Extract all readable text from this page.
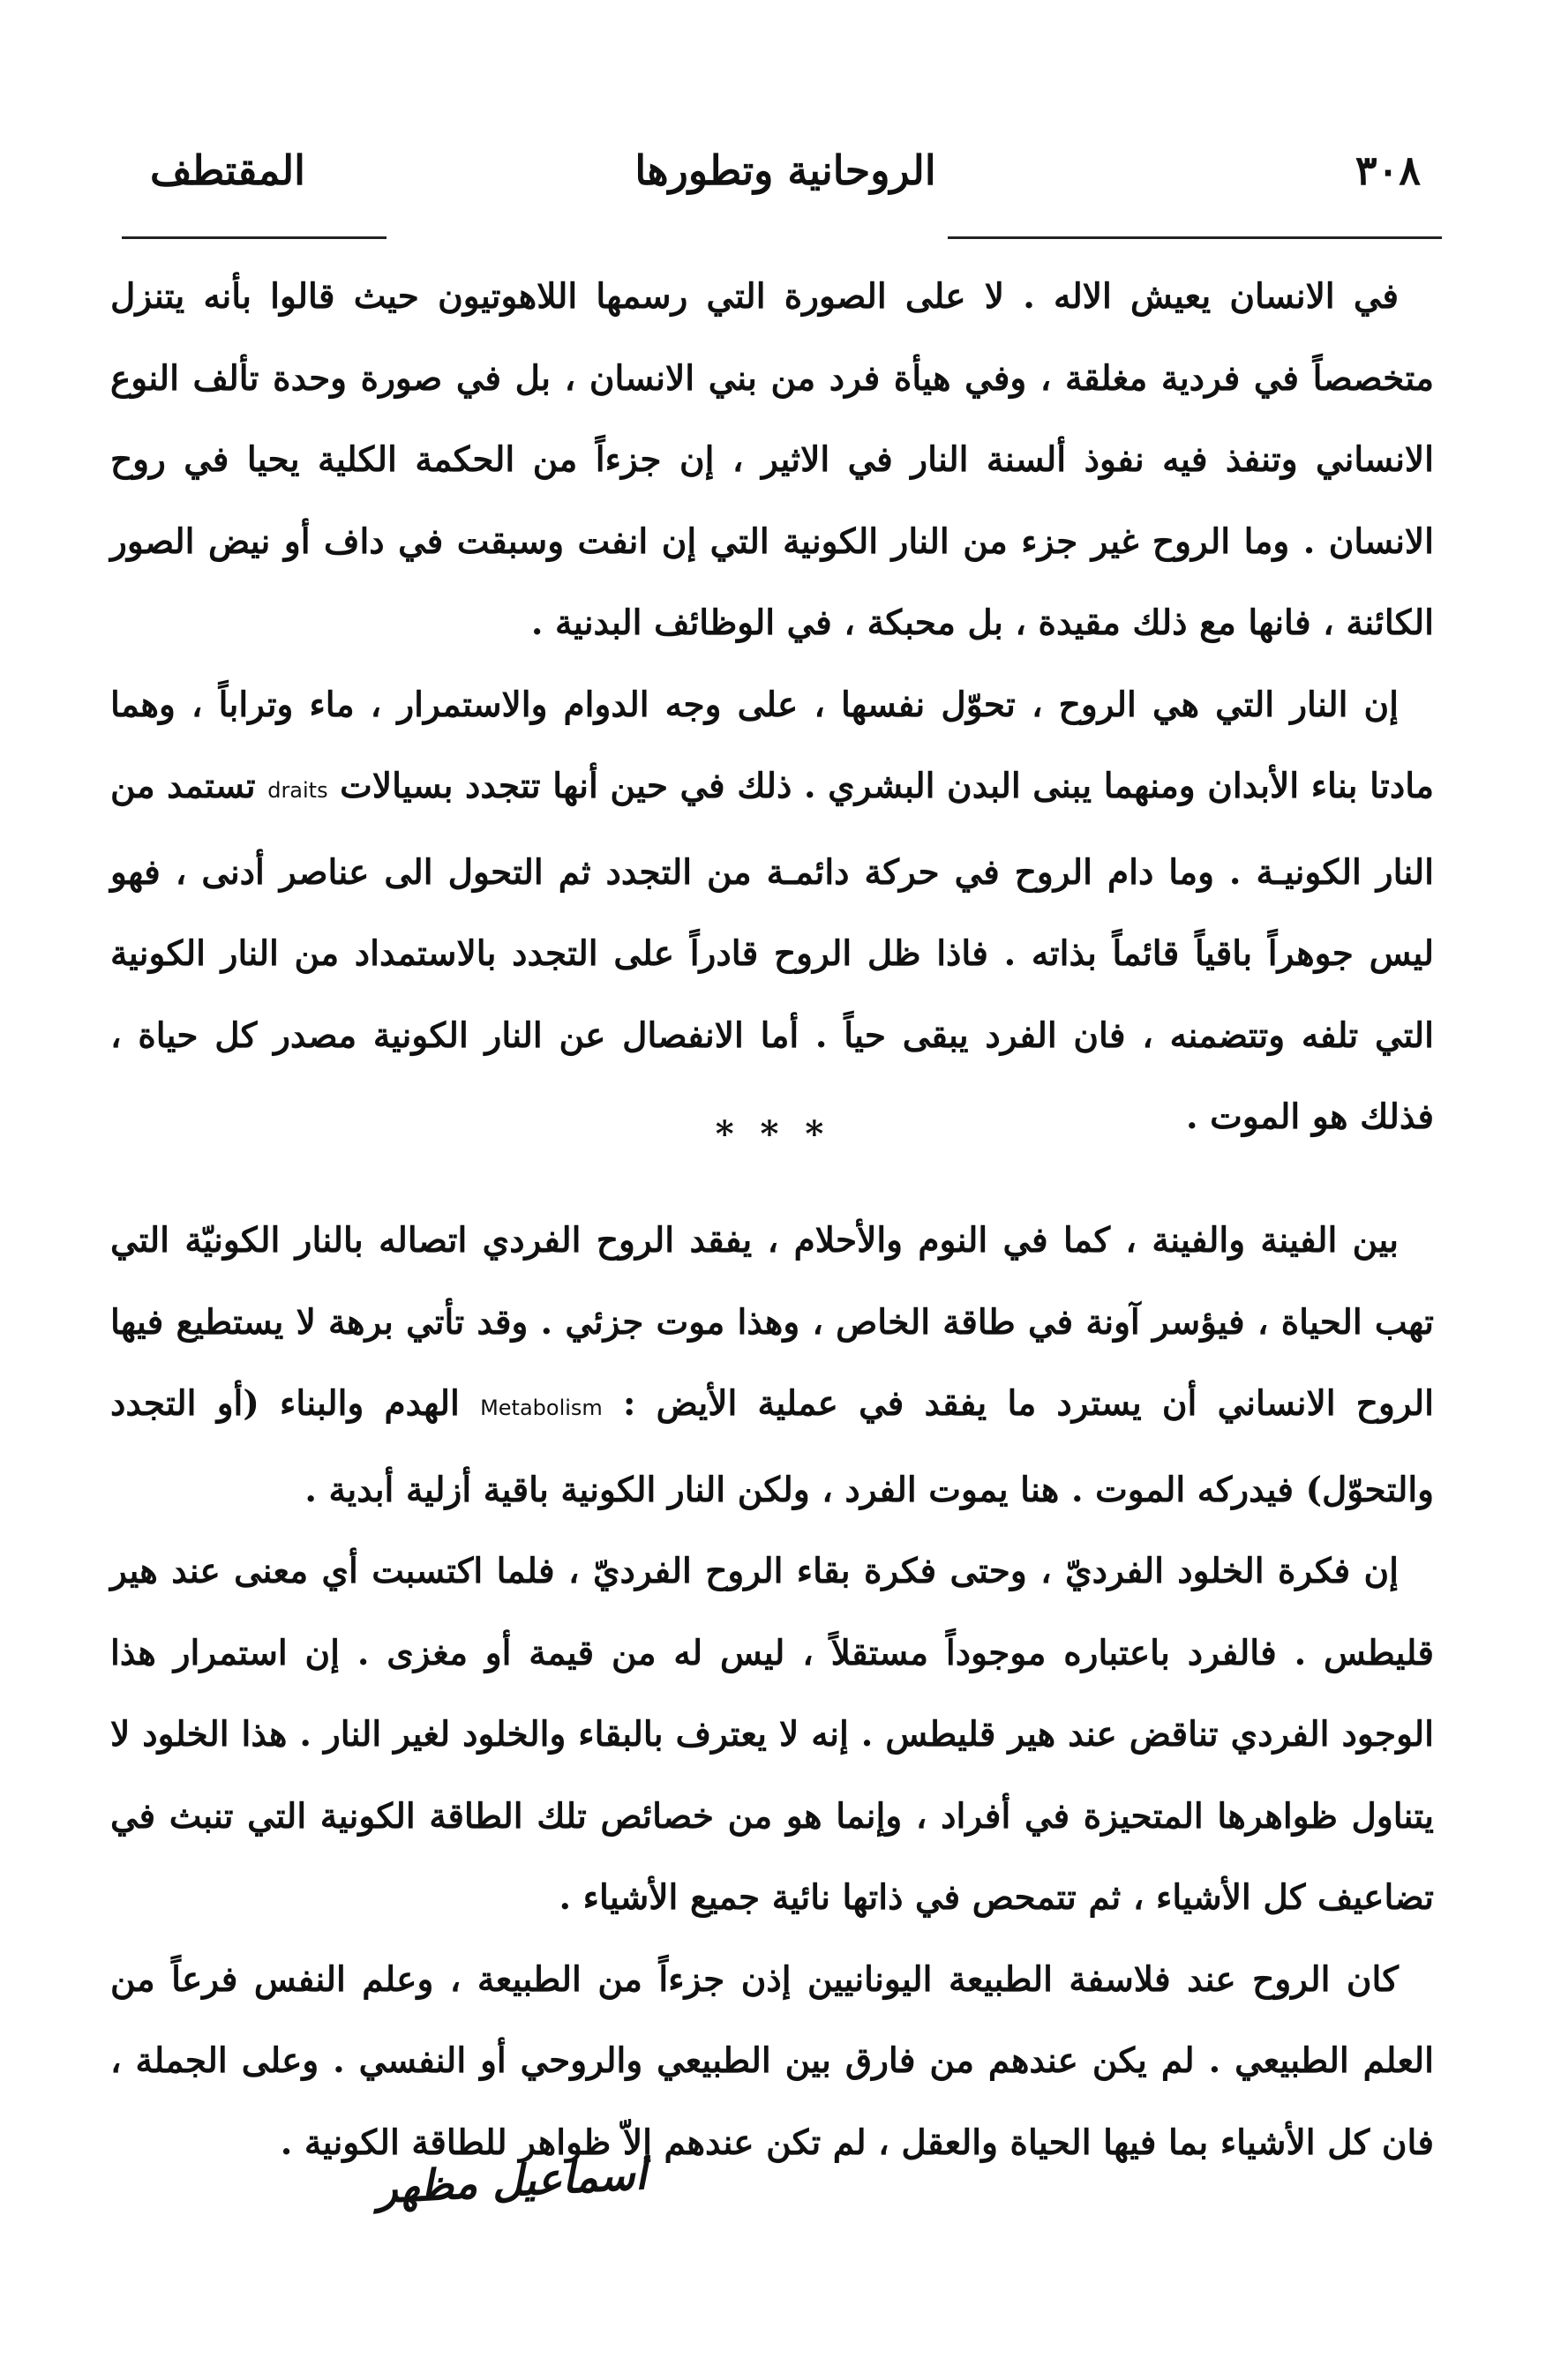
٣٠٨
الروحانية وتطورها
المقتطف

في الانسان يعيش الاله . لا على الصورة التي رسمها اللاهوتيون حيث قالوا بأنه يتنزل متخصصاً في فردية مغلقة ، وفي هيأة فرد من بني الانسان ، بل في صورة وحدة تألف النوع الانساني وتنفذ فيه نفوذ ألسنة النار في الاثير ، إن جزءاً من الحكمة الكلية يحيا في روح الانسان . وما الروح غير جزء من النار الكونية التي إن انفت وسبقت في داف أو نيض الصور الكائنة ، فانها مع ذلك مقيدة ، بل محبكة ، في الوظائف البدنية .

إن النار التي هي الروح ، تحوّل نفسها ، على وجه الدوام والاستمرار ، ماء وتراباً ، وهما مادتا بناء الأبدان ومنهما يبنى البدن البشري . ذلك في حين أنها تتجدد بسيالات draits تستمد من النار الكونيـة . وما دام الروح في حركة دائمـة من التجدد ثم التحول الى عناصر أدنى ، فهو ليس جوهراً باقياً قائماً بذاته . فاذا ظل الروح قادراً على التجدد بالاستمداد من النار الكونية التي تلفه وتتضمنه ، فان الفرد يبقى حياً . أما الانفصال عن النار الكونية مصدر كل حياة ، فذلك هو الموت .

* * *

بين الفينة والفينة ، كما في النوم والأحلام ، يفقد الروح الفردي اتصاله بالنار الكونيّة التي تهب الحياة ، فيؤسر آونة في طاقة الخاص ، وهذا موت جزئي . وقد تأتي برهة لا يستطيع فيها الروح الانساني أن يسترد ما يفقد في عملية الأيض : Metabolism الهدم والبناء (أو التجدد والتحوّل) فيدركه الموت . هنا يموت الفرد ، ولكن النار الكونية باقية أزلية أبدية .

إن فكرة الخلود الفرديّ ، وحتى فكرة بقاء الروح الفرديّ ، فلما اكتسبت أي معنى عند هير قليطس . فالفرد باعتباره موجوداً مستقلاً ، ليس له من قيمة أو مغزى . إن استمرار هذا الوجود الفردي تناقض عند هير قليطس . إنه لا يعترف بالبقاء والخلود لغير النار . هذا الخلود لا يتناول ظواهرها المتحيزة في أفراد ، وإنما هو من خصائص تلك الطاقة الكونية التي تنبث في تضاعيف كل الأشياء ، ثم تتمحص في ذاتها نائية جميع الأشياء .

كان الروح عند فلاسفة الطبيعة اليونانيين إذن جزءاً من الطبيعة ، وعلم النفس فرعاً من العلم الطبيعي . لم يكن عندهم من فارق بين الطبيعي والروحي أو النفسي . وعلى الجملة ، فان كل الأشياء بما فيها الحياة والعقل ، لم تكن عندهم إلاّ ظواهر للطاقة الكونية .

اسماعيل مظهر
